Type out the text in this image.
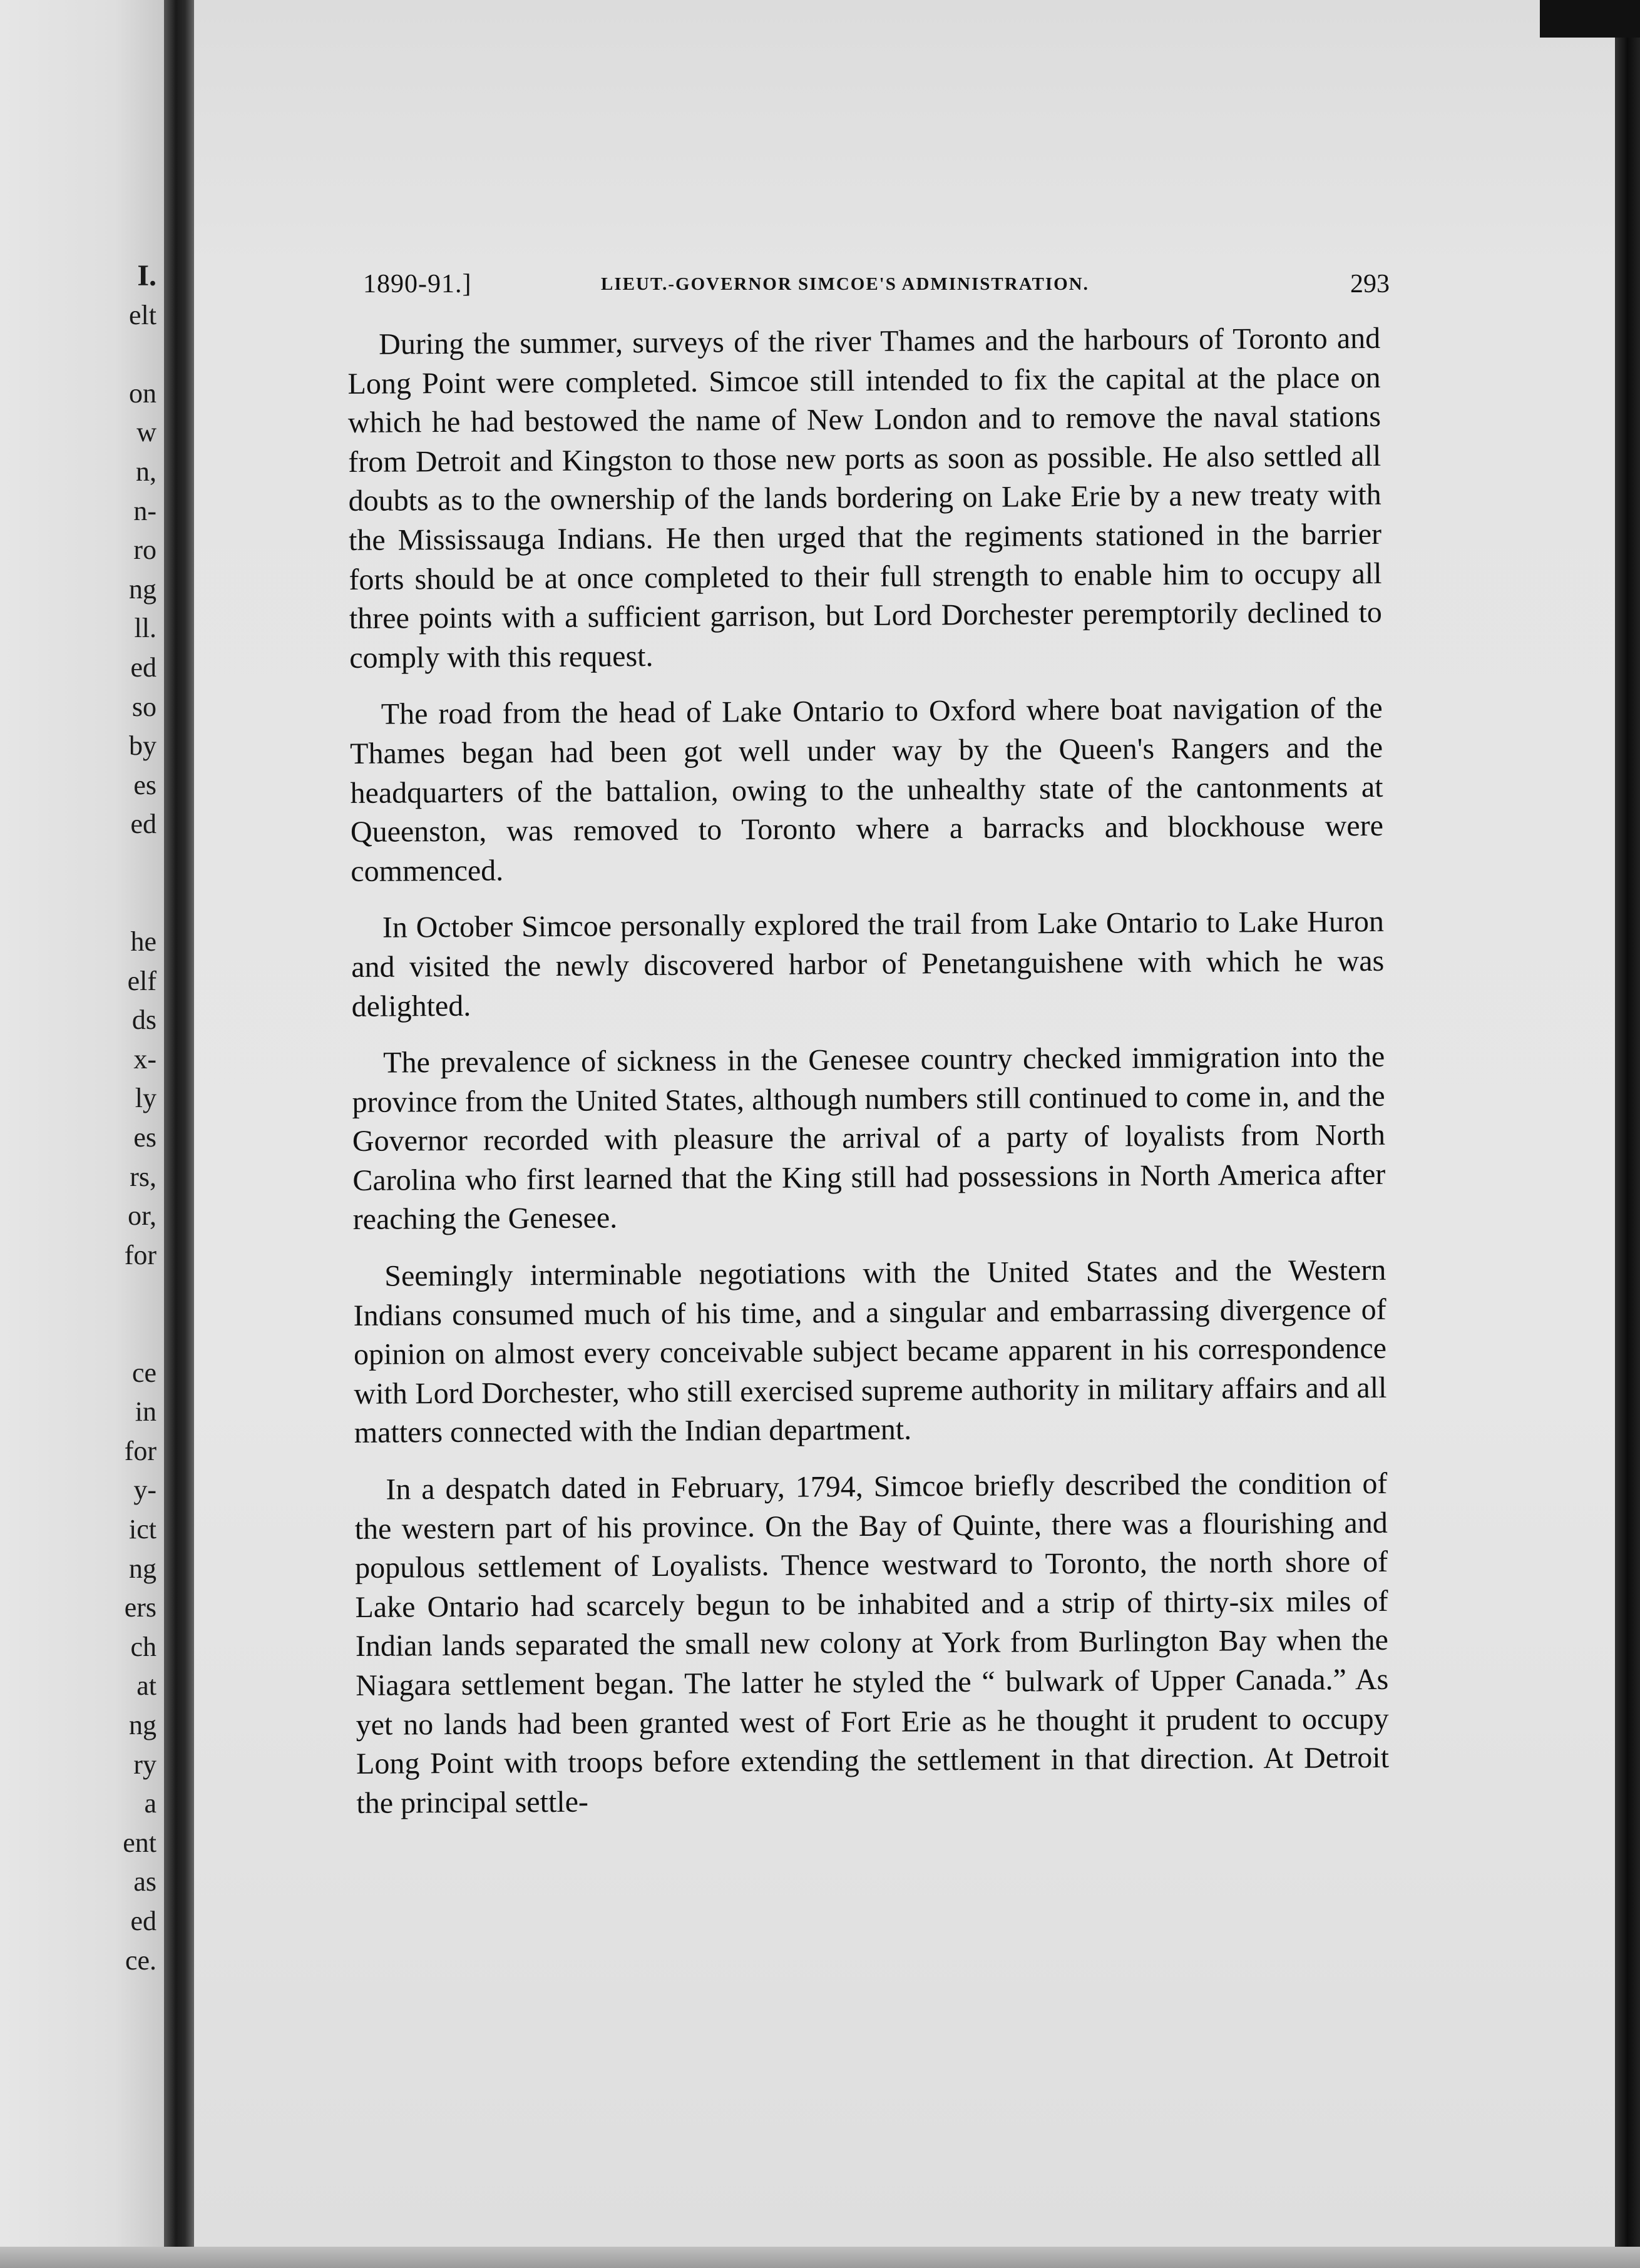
I.
elt
on
w
n,
n-
ro
ng
ll.
ed
so
by
es
ed
he
elf
ds
x-
ly
es
rs,
or,
for
ce
in
for
y-
ict
ng
ers
ch
at
ng
ry
a
ent
as
ed
ce.
1890-91.]	LIEUT.-GOVERNOR SIMCOE'S ADMINISTRATION.	293

During the summer, surveys of the river Thames and the harbours of Toronto and Long Point were completed. Simcoe still intended to fix the capital at the place on which he had bestowed the name of New London and to remove the naval stations from Detroit and Kingston to those new ports as soon as possible. He also settled all doubts as to the ownership of the lands bordering on Lake Erie by a new treaty with the Mississauga Indians. He then urged that the regiments stationed in the barrier forts should be at once completed to their full strength to enable him to occupy all three points with a sufficient garrison, but Lord Dorchester peremptorily declined to comply with this request.

The road from the head of Lake Ontario to Oxford where boat navigation of the Thames began had been got well under way by the Queen's Rangers and the headquarters of the battalion, owing to the unhealthy state of the cantonments at Queenston, was removed to Toronto where a barracks and blockhouse were commenced.

In October Simcoe personally explored the trail from Lake Ontario to Lake Huron and visited the newly discovered harbor of Penetanguishene with which he was delighted.

The prevalence of sickness in the Genesee country checked immigration into the province from the United States, although numbers still continued to come in, and the Governor recorded with pleasure the arrival of a party of loyalists from North Carolina who first learned that the King still had possessions in North America after reaching the Genesee.

Seemingly interminable negotiations with the United States and the Western Indians consumed much of his time, and a singular and embarrassing divergence of opinion on almost every conceivable subject became apparent in his correspondence with Lord Dorchester, who still exercised supreme authority in military affairs and all matters connected with the Indian department.

In a despatch dated in February, 1794, Simcoe briefly described the condition of the western part of his province. On the Bay of Quinte, there was a flourishing and populous settlement of Loyalists. Thence westward to Toronto, the north shore of Lake Ontario had scarcely begun to be inhabited and a strip of thirty-six miles of Indian lands separated the small new colony at York from Burlington Bay when the Niagara settlement began. The latter he styled the “ bulwark of Upper Canada.” As yet no lands had been granted west of Fort Erie as he thought it prudent to occupy Long Point with troops before extending the settlement in that direction. At Detroit the principal settle-
